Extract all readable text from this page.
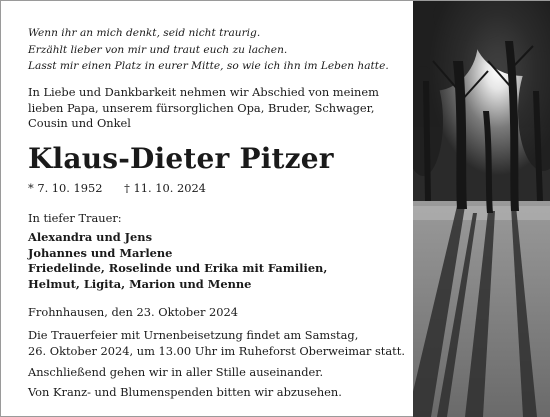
Wenn ihr an mich denkt, seid nicht traurig.
Erzählt lieber von mir und traut euch zu lachen.
Lasst mir einen Platz in eurer Mitte, so wie ich ihn im Leben hatte.
In Liebe und Dankbarkeit nehmen wir Abschied von meinem
lieben Papa, unserem fürsorglichen Opa, Bruder, Schwager,
Cousin und Onkel
Klaus-Dieter Pitzer
* 7. 10. 1952 † 11. 10. 2024
In tiefer Trauer:
Alexandra und Jens
Johannes und Marlene
Friedelinde, Roselinde und Erika mit Familien,
Helmut, Ligita, Marion und Menne
Frohnhausen, den 23. Oktober 2024
Die Trauerfeier mit Urnenbeisetzung findet am Samstag,
26. Oktober 2024, um 13.00 Uhr im Ruheforst Oberweimar statt.
Anschließend gehen wir in aller Stille auseinander.
Von Kranz- und Blumenspenden bitten wir abzusehen.
